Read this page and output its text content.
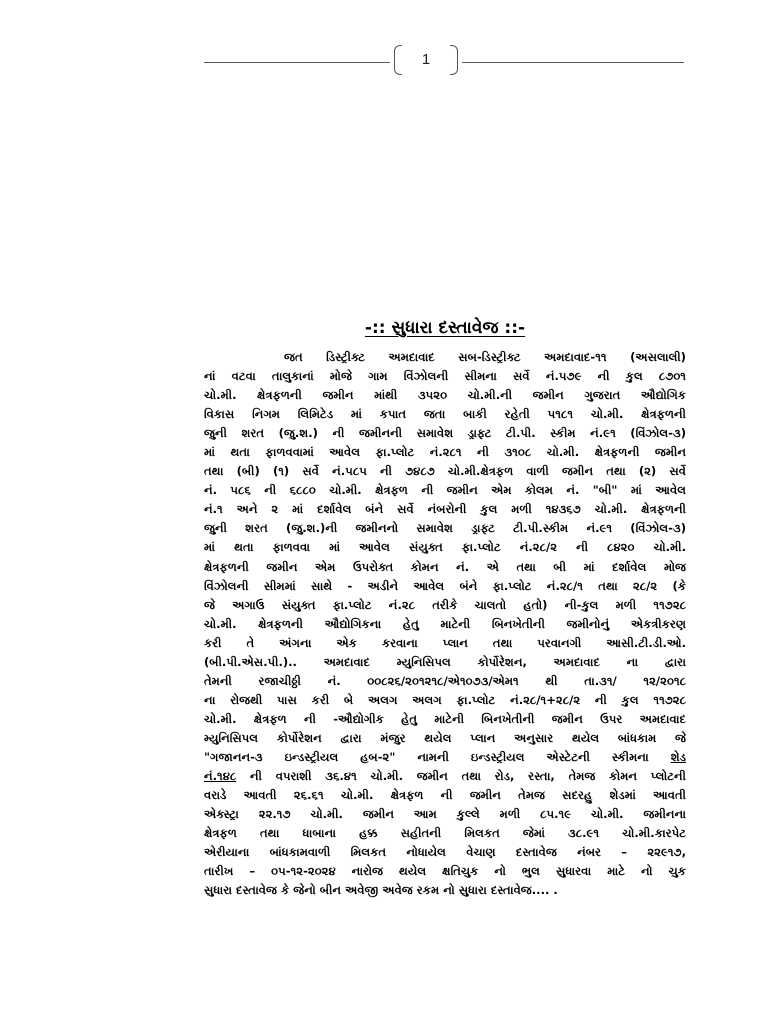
1
-:: સુધારા દસ્તાવેજ ::-
જત ડિસ્ટ્રીક્ટ અમદાવાદ સબ-ડિસ્ટ્રીક્ટ અમદાવાદ-૧૧ (અસલાલી)
નાં વટવા તાલુકાનાં મોજે ગામ વિંઝોલની સીમના સર્વે નં.૫૭૯ ની કુલ ૮૭૦૧
ચો.મી. ક્ષેત્રફળની જમીન માંથી ૩૫૨૦ ચો.મી.ની જમીન ગુજરાત ઔદ્યોગિક
વિકાસ નિગમ લિમિટેડ માં કપાત જતા બાકી રહેતી ૫૧૮૧ ચો.મી. ક્ષેત્રફળની
જુની શરત (જુ.શ.) ની જમીનની સમાવેશ ડ્રાફ્ટ ટી.પી. સ્કીમ નં.૯૧ (વિંઝોલ-૩)
માં થતા ફાળવવામાં આવેલ ફા.પ્લોટ નં.૨૮૧ ની ૩૧૦૮ ચો.મી. ક્ષેત્રફળની જમીન
તથા (બી) (૧) સર્વે નં.૫૮૫ ની ૭૪૮૭ ચો.મી.ક્ષેત્રફળ વાળી જમીન તથા (૨) સર્વે
નં. ૫૮૬ ની ૬૮૮૦ ચો.મી. ક્ષેત્રફળ ની જમીન એમ કોલમ નં. "બી" માં આવેલ
નં.૧ અને ૨ માં દર્શાવેલ બંને સર્વે નંબરોની કુલ મળી ૧૪૩૬૭ ચો.મી. ક્ષેત્રફળની
જુની શરત (જુ.શ.)ની જમીનનો સમાવેશ ડ્રાફ્ટ ટી.પી.સ્કીમ નં.૯૧ (વિંઝોલ-૩)
માં થતા ફાળવવા માં આવેલ સંયુક્ત ફા.પ્લોટ નં.૨૮/૨ ની ૮૪૨૦ ચો.મી.
ક્ષેત્રફળની જમીન એમ ઉપરોક્ત કોમન નં. એ તથા બી માં દર્શાવેલ મોજ
વિંઝોલની સીમમાં સાથે - અડીને આવેલ બંને ફા.પ્લોટ નં.૨૮/૧ તથા ૨૮/૨ (કે
જે અગાઉ સંયુક્ત ફા.પ્લોટ નં.૨૮ તરીકે ચાલતો હતો) ની-કુલ મળી ૧૧૭૨૮
ચો.મી. ક્ષેત્રફળની ઔદ્યોગિકના હેતુ માટેની બિનખેતીની જમીનોનું એકત્રીકરણ
કરી તે અંગના એક કરવાના પ્લાન તથા પરવાનગી આસી.ટી.ડી.ઓ.
(બી.પી.એસ.પી.).. અમદાવાદ મ્યુનિસિપલ કોર્પોરેશન, અમદાવાદ ના દ્વારા
તેમની રજાચીઠ્ઠી નં. ૦૦૮૨૬/૨૦૧૨૧૮/એ૧૦૭૩/એમ૧ થી તા.૩૧/ ૧૨/૨૦૧૮
ના રોજથી પાસ કરી બે અલગ અલગ ફા.પ્લોટ નં.૨૮/૧+૨૮/૨ ની કુલ ૧૧૭૨૮
ચો.મી. ક્ષેત્રફળ ની -ઔદ્યોગીક હેતુ માટેની બિનખેતીની જમીન ઉપર અમદાવાદ
મ્યુનિસિપલ કોર્પોરેશન દ્વારા મંજુર થયેલ પ્લાન અનુસાર થયેલ બાંધકામ જે
"ગજાનન-૩ ઇન્ડસ્ટ્રીયલ હબ-૨" નામની ઇન્ડસ્ટ્રીયલ એસ્ટેટની સ્કીમના શેડ
નં.૧૪૮ ની વપરાશી ૩૬.૪૧ ચો.મી. જમીન તથા રોડ, રસ્તા, તેમજ કોમન પ્લોટની
વરાડે આવતી ૨૬.૬૧ ચો.મી. ક્ષેત્રફળ ની જમીન તેમજ સદરહુ શેડમાં આવતી
એક્સ્ટ્રા ૨૨.૧૭ ચો.મી. જમીન આમ કુલ્લે મળી ૮૫.૧૯ ચો.મી. જમીનના
ક્ષેત્રફળ તથા ધાબાના હક્ક સહીતની મિલકત જેમાં ૩૮.૯૧ ચો.મી.કારપેટ
એરીયાના બાંધકામવાળી મિલકત નોધાયેલ વેચાણ દસ્તાવેજ નંબર – ૨૨૯૧૭,
તારીખ – ૦૫-૧૨-૨૦૨૪ નારોજ થયેલ ક્ષતિચુક નો ભુલ સુધારવા માટે નો ચુક
સુધારા દસ્તાવેજ કે જેનો બીન અવેજી અવેજ રકમ નો સુધારા દસ્તાવેજ.... .
